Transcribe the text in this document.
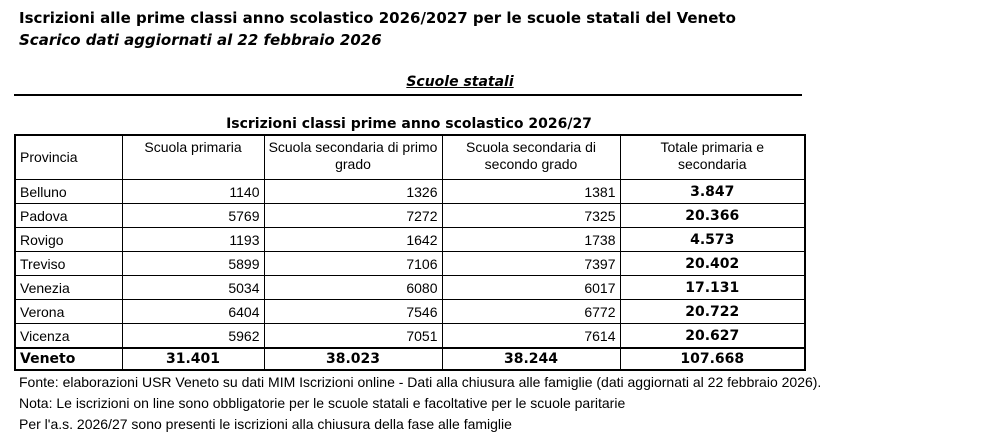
Iscrizioni alle prime classi anno scolastico 2026/2027 per le scuole statali del Veneto
Scarico dati aggiornati al 22 febbraio 2026
Scuole statali
Iscrizioni classi prime anno scolastico 2026/27
Provincia	Scuola primaria	Scuola secondaria di primo grado	Scuola secondaria di secondo grado	Totale primaria e secondaria
Belluno	1140	1326	1381	3.847
Padova	5769	7272	7325	20.366
Rovigo	1193	1642	1738	4.573
Treviso	5899	7106	7397	20.402
Venezia	5034	6080	6017	17.131
Verona	6404	7546	6772	20.722
Vicenza	5962	7051	7614	20.627
Veneto	31.401	38.023	38.244	107.668
Fonte: elaborazioni USR Veneto su dati MIM Iscrizioni online - Dati alla chiusura alle famiglie (dati aggiornati al 22 febbraio 2026).
Nota: Le iscrizioni on line sono obbligatorie per le scuole statali e facoltative per le scuole paritarie
Per l'a.s. 2026/27 sono presenti le iscrizioni alla chiusura della fase alle famiglie
